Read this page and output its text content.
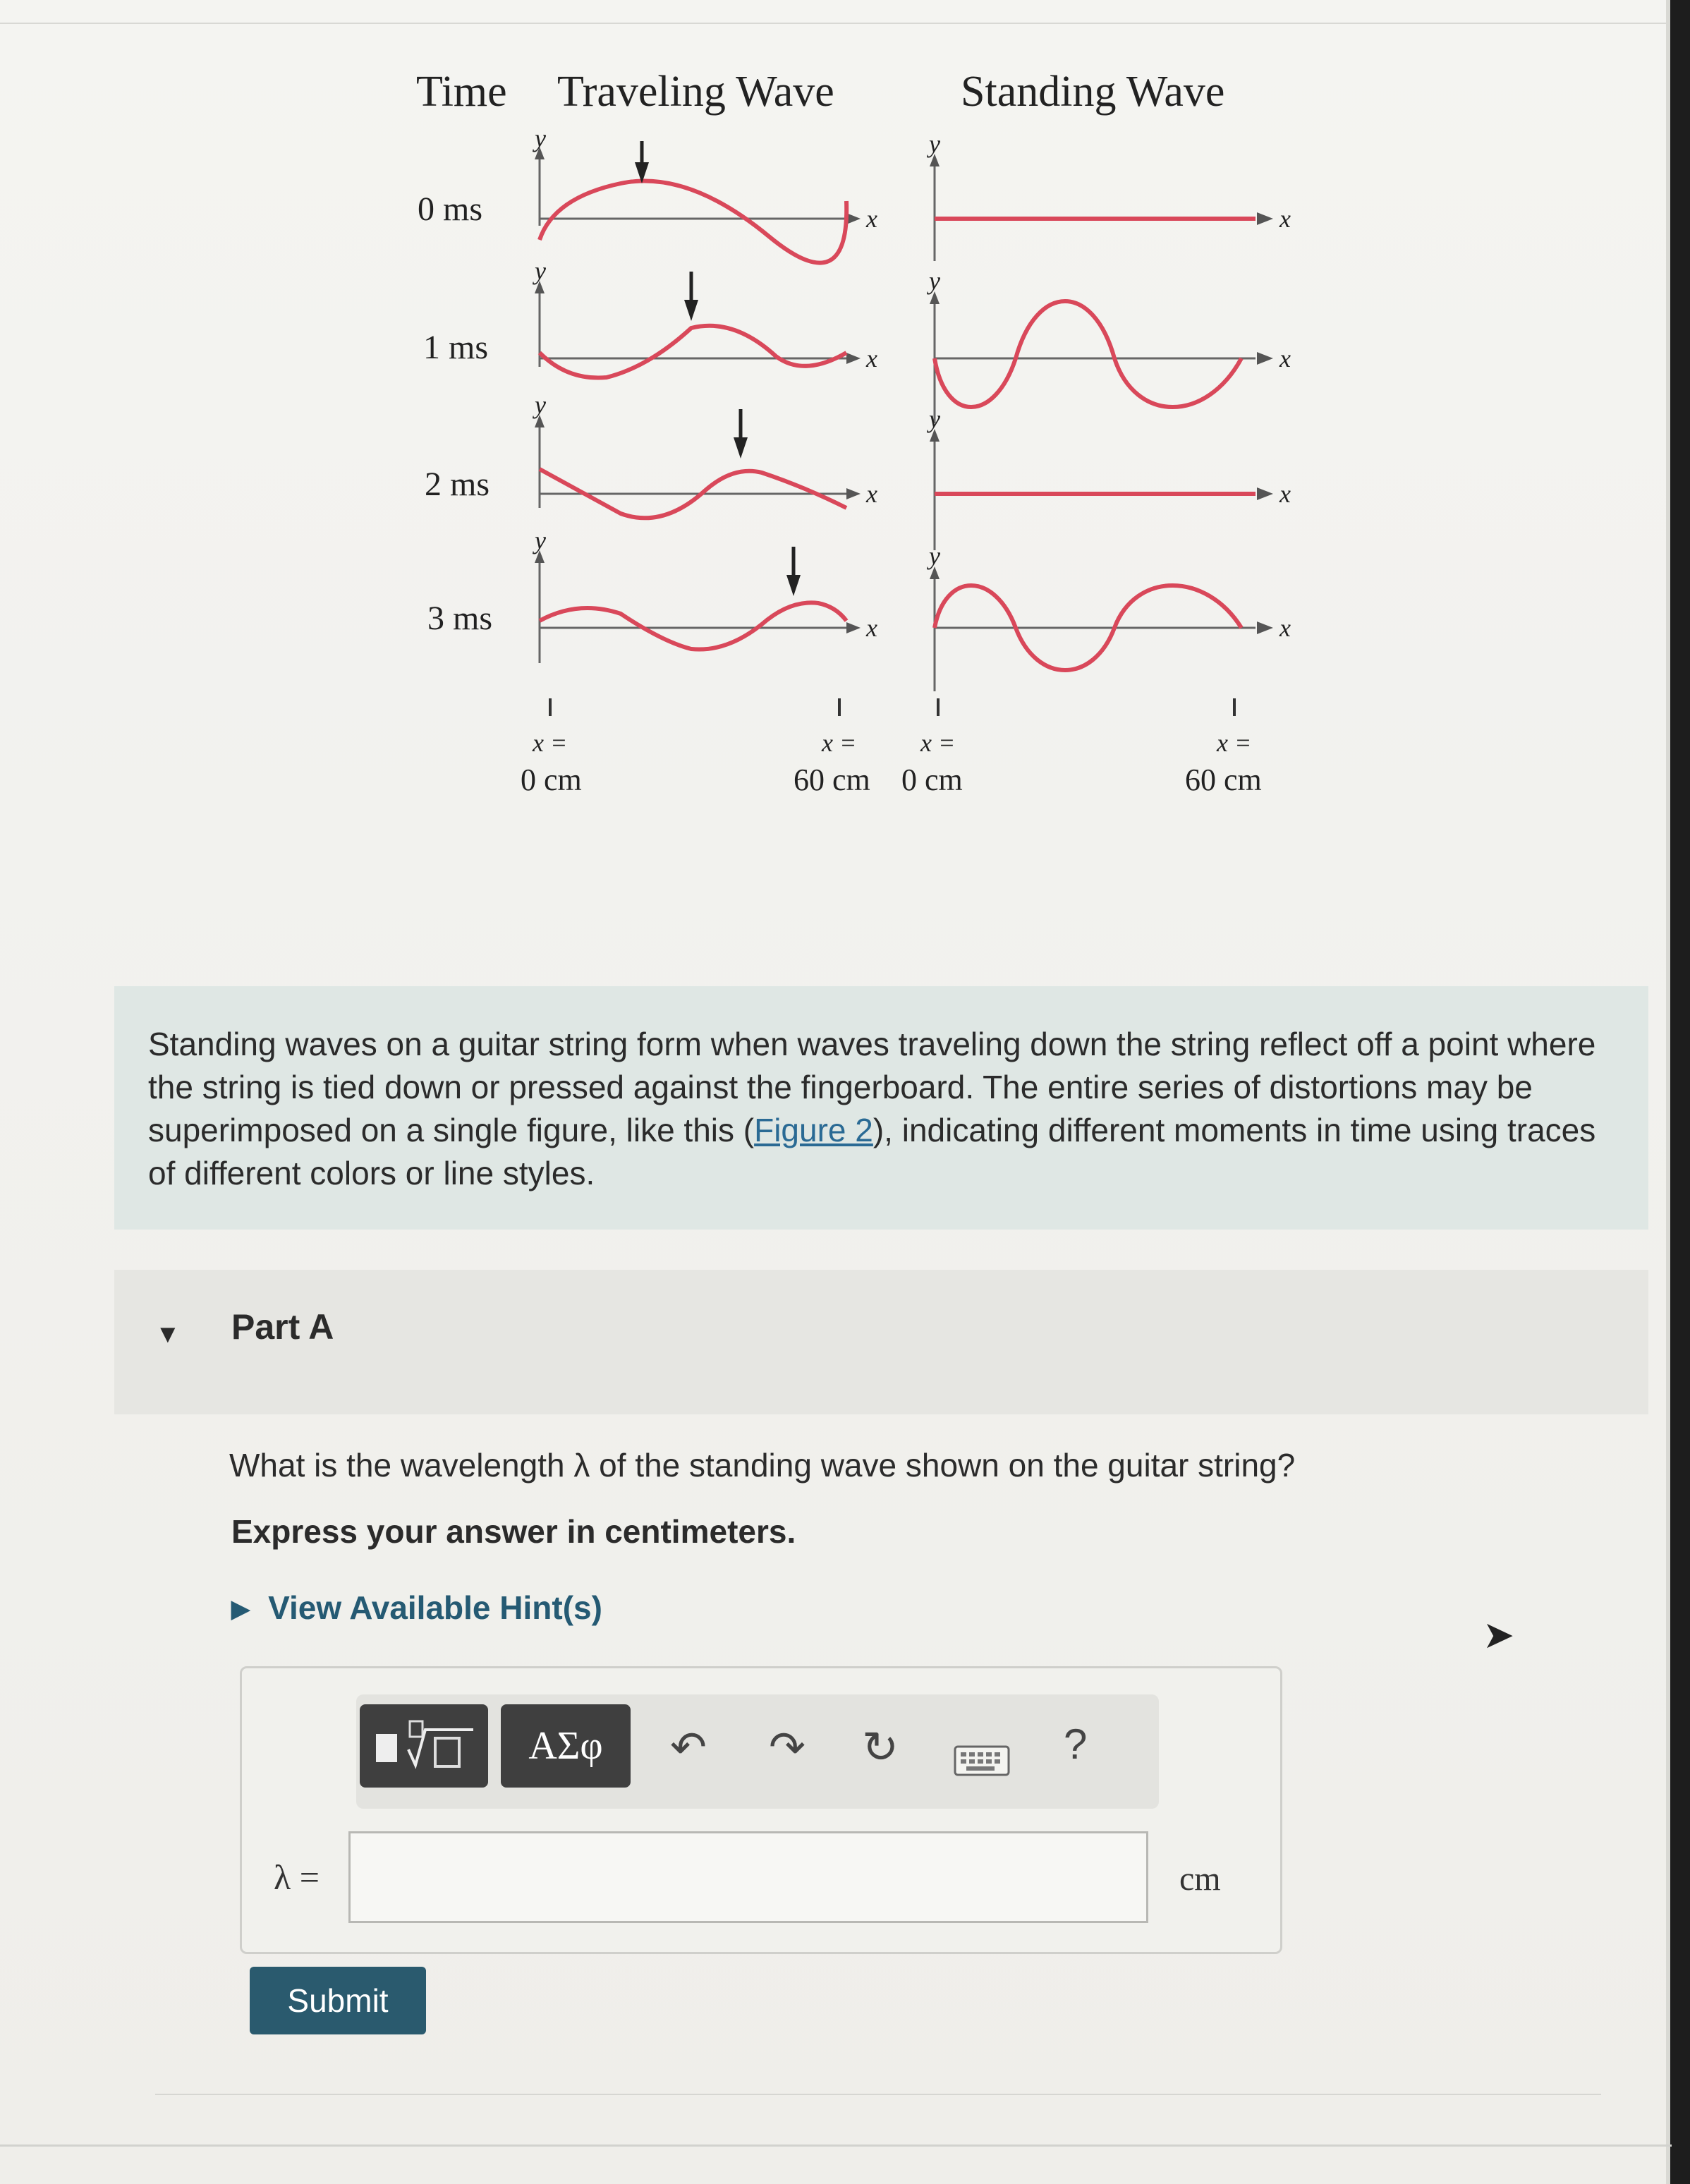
Time Traveling Wave	Standing Wave
0 ms
1 ms
2 ms
3 ms
y
x
y
x
y
x
y
x
y
x
y
x
y
x
y
x
x =
0 cm
x =
60 cm
x =
0 cm
x =
60 cm
Standing waves on a guitar string form when waves traveling down the string reflect off a point where the string is tied down or pressed against the fingerboard. The entire series of distortions may be superimposed on a single figure, like this (Figure 2), indicating different moments in time using traces of different colors or line styles.
▼ Part A
What is the wavelength λ of the standing wave shown on the guitar string?
Express your answer in centimeters.
▶ View Available Hint(s)
ΑΣφ	↶ ↷ ↻	?
λ =	cm
Submit
➤
